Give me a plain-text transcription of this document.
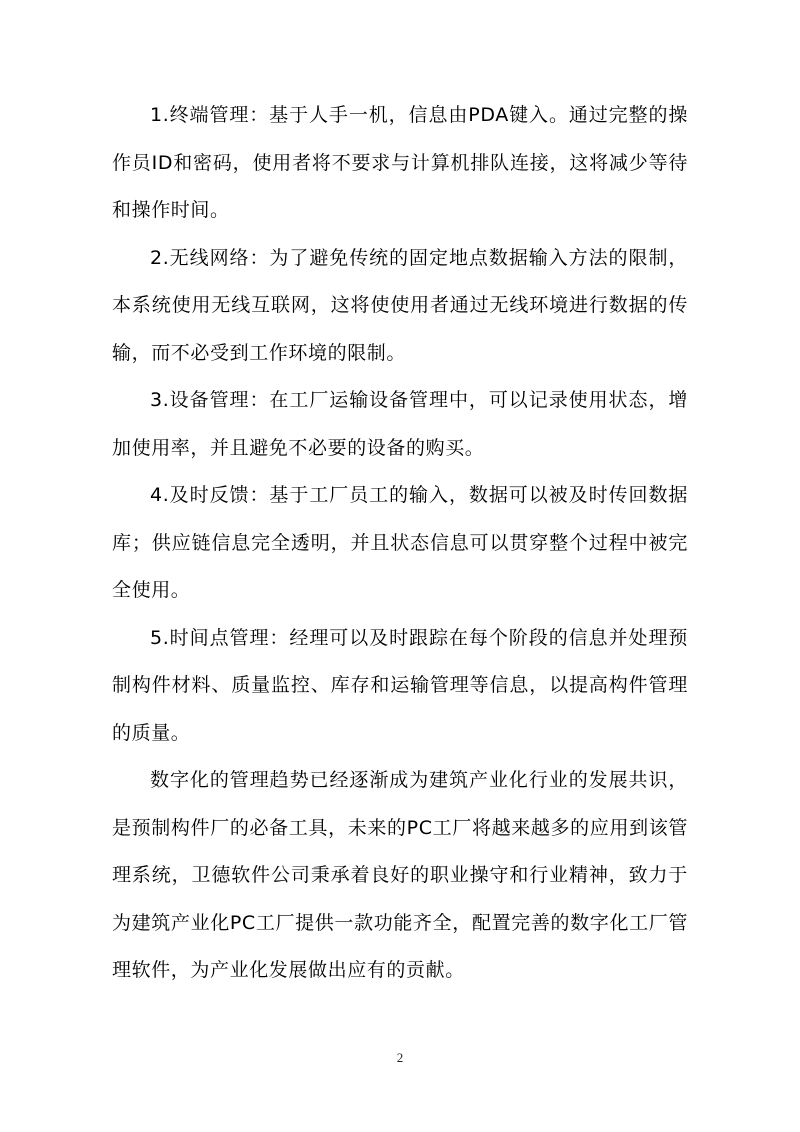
1.终端管理：基于人手一机，信息由PDA键入。通过完整的操作员ID和密码，使用者将不要求与计算机排队连接，这将减少等待和操作时间。

2.无线网络：为了避免传统的固定地点数据输入方法的限制，本系统使用无线互联网，这将使使用者通过无线环境进行数据的传输，而不必受到工作环境的限制。

3.设备管理：在工厂运输设备管理中，可以记录使用状态，增加使用率，并且避免不必要的设备的购买。

4.及时反馈：基于工厂员工的输入，数据可以被及时传回数据库；供应链信息完全透明，并且状态信息可以贯穿整个过程中被完全使用。

5.时间点管理：经理可以及时跟踪在每个阶段的信息并处理预制构件材料、质量监控、库存和运输管理等信息，以提高构件管理的质量。

数字化的管理趋势已经逐渐成为建筑产业化行业的发展共识，是预制构件厂的必备工具，未来的PC工厂将越来越多的应用到该管理系统，卫德软件公司秉承着良好的职业操守和行业精神，致力于为建筑产业化PC工厂提供一款功能齐全，配置完善的数字化工厂管理软件，为产业化发展做出应有的贡献。

2
